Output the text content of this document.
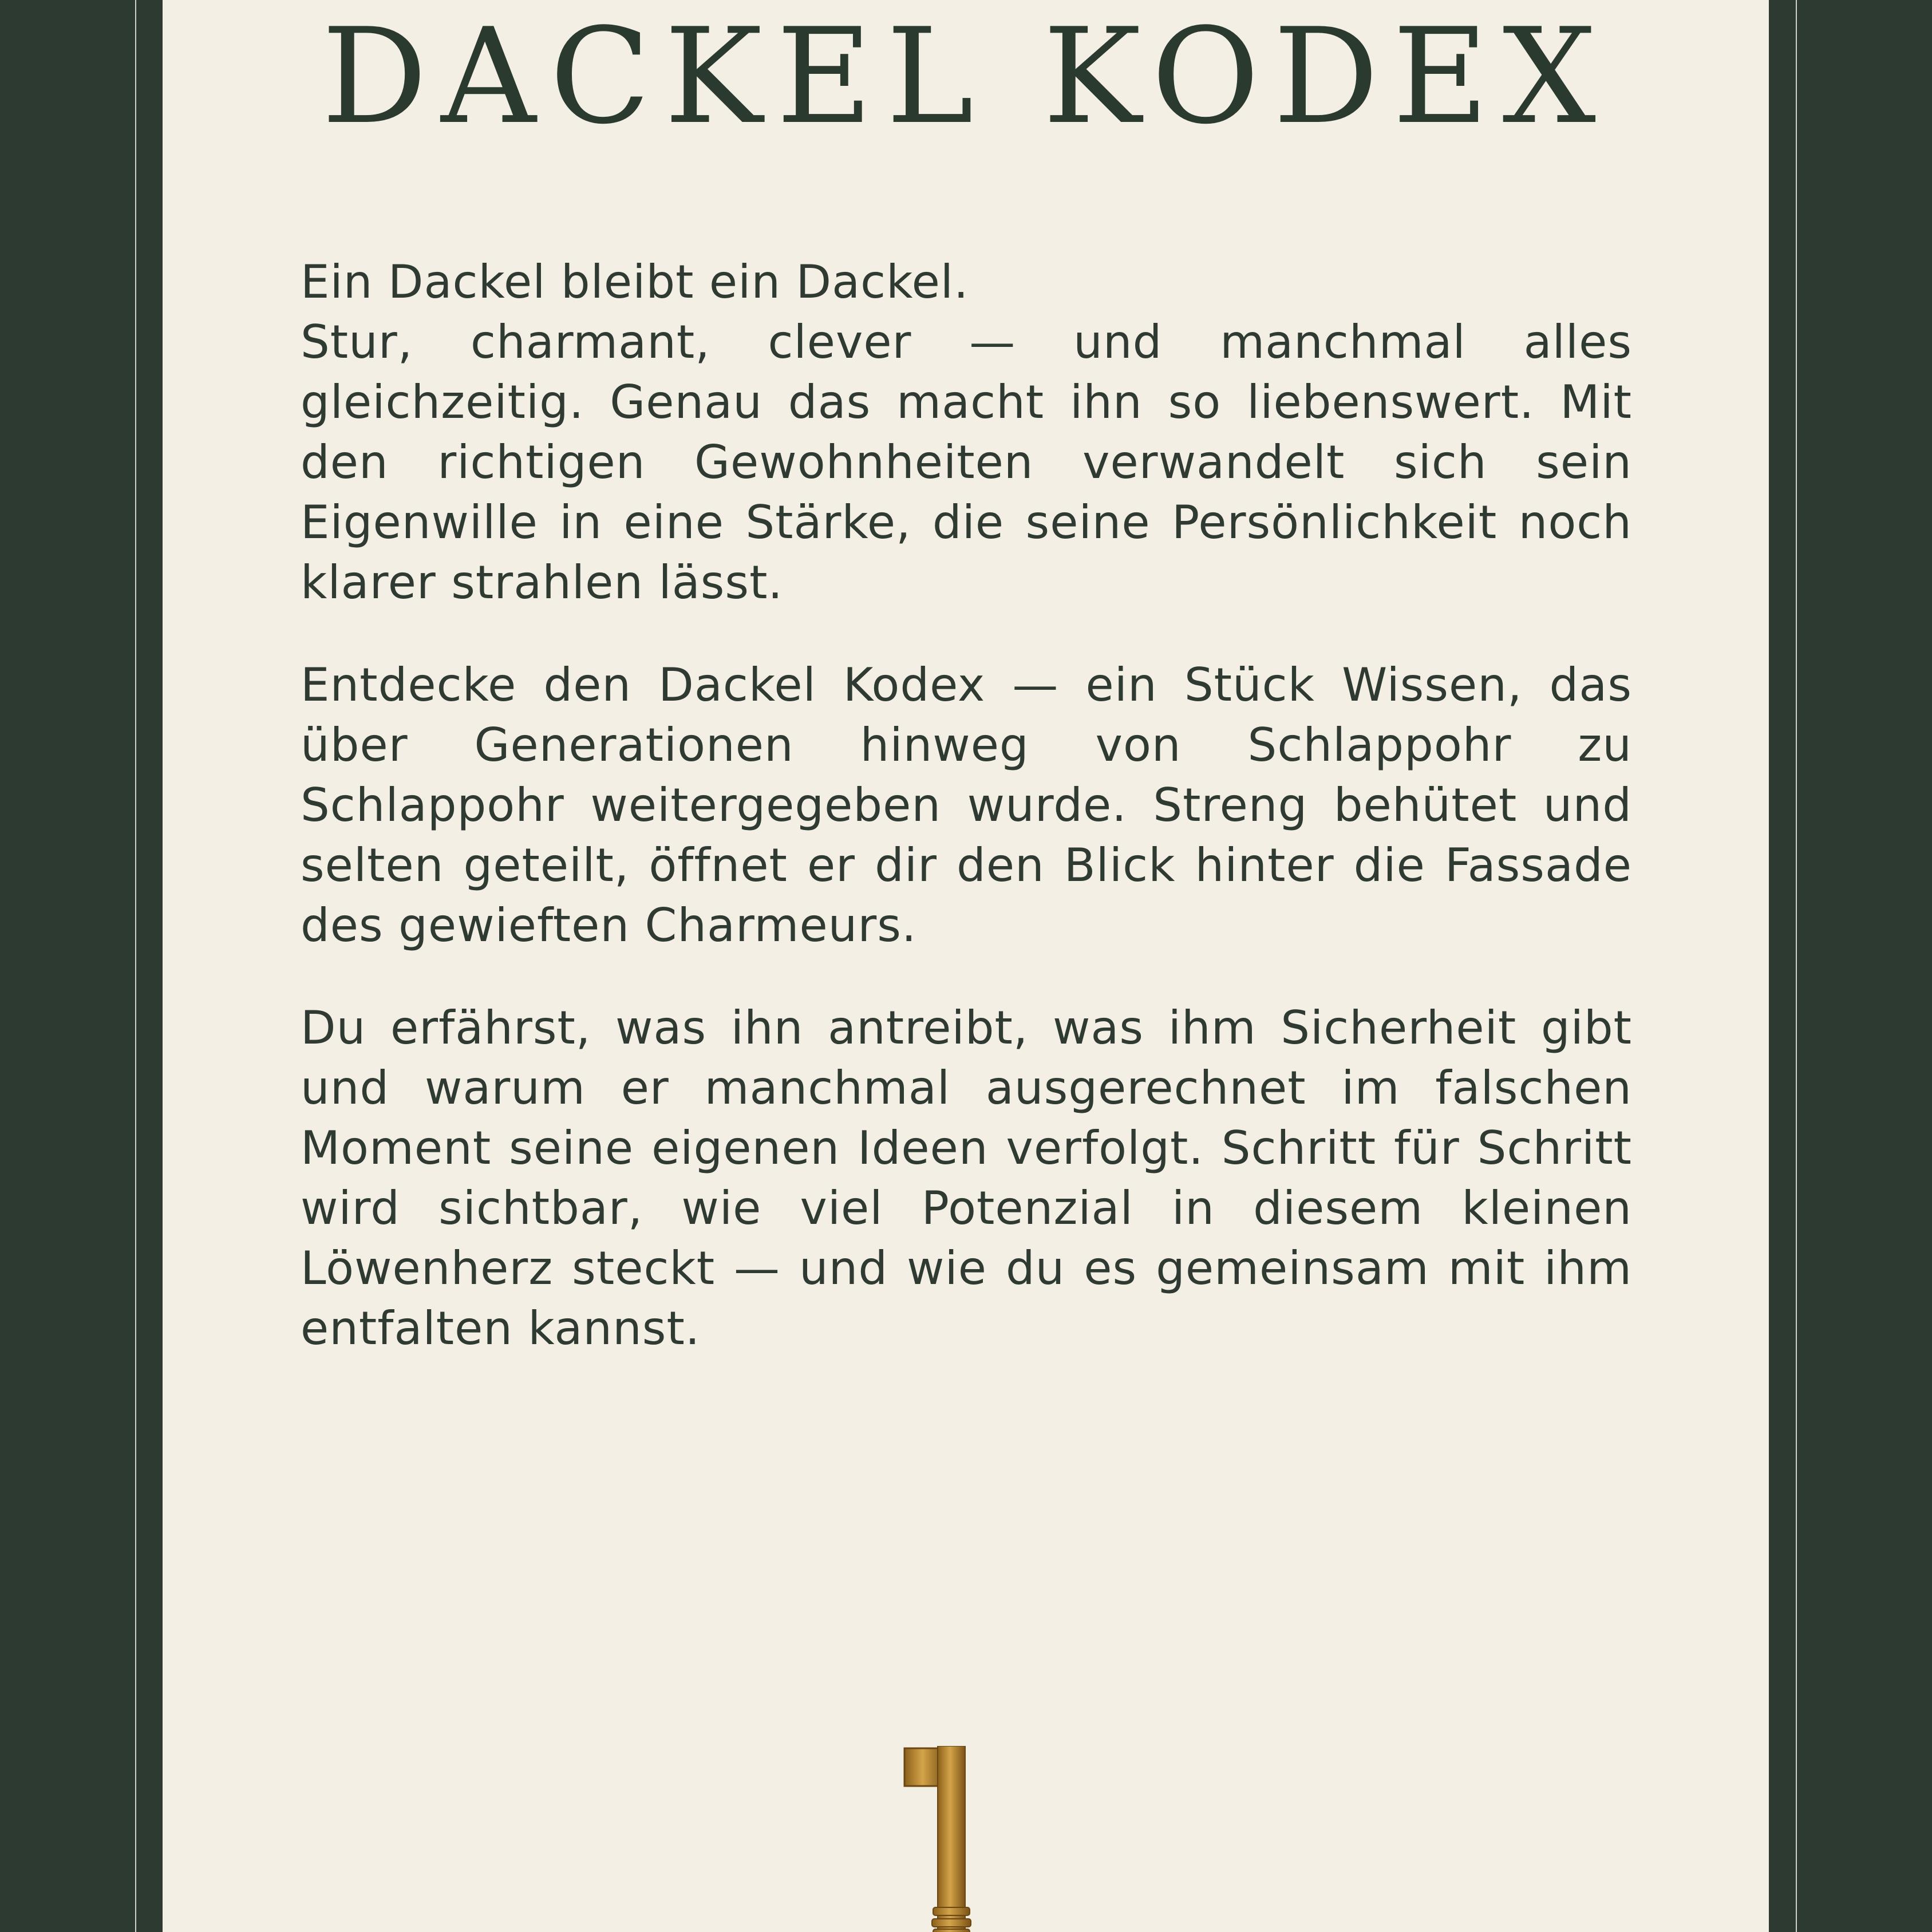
DACKEL KODEX

Ein Dackel bleibt ein Dackel.
Stur, charmant, clever — und manchmal alles gleichzeitig. Genau das macht ihn so liebenswert. Mit den richtigen Gewohnheiten verwandelt sich sein Eigenwille in eine Stärke, die seine Persönlichkeit noch klarer strahlen lässt.

Entdecke den Dackel Kodex — ein Stück Wissen, das über Generationen hinweg von Schlappohr zu Schlappohr weitergegeben wurde. Streng behütet und selten geteilt, öffnet er dir den Blick hinter die Fassade des gewieften Charmeurs.

Du erfährst, was ihn antreibt, was ihm Sicherheit gibt und warum er manchmal ausgerechnet im falschen Moment seine eigenen Ideen verfolgt. Schritt für Schritt wird sichtbar, wie viel Potenzial in diesem kleinen Löwenherz steckt — und wie du es gemeinsam mit ihm entfalten kannst.
